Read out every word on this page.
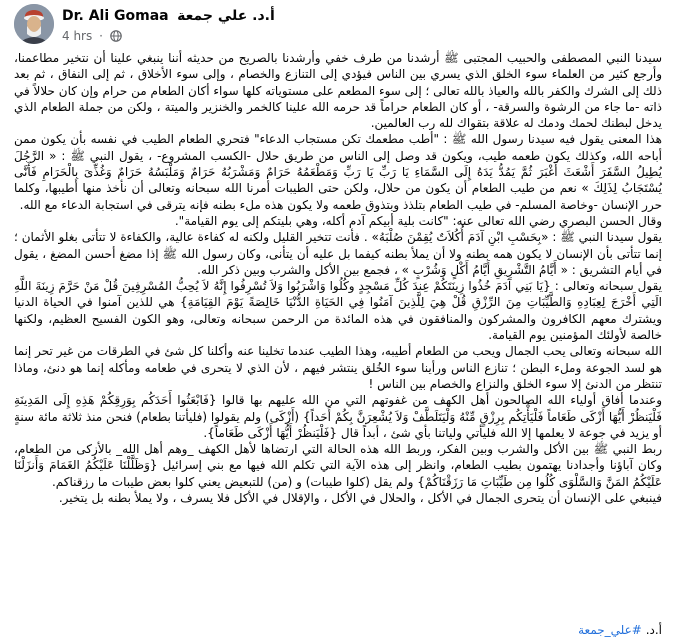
Dr. Ali Gomaa أ.د. علي جمعة
4 hrs ·

سيدنا النبي المصطفى والحبيب المجتبى ﷺ أرشدنا من طرف خفي وأرشدنا بالصريح من حديثه أننا ينبغي علينا أن نتخير مطاعمنا، وأرجع كثير من العلماء سوء الخلق الذي يسري بين الناس فيؤدي إلى التنازع والخصام ، وإلى سوء الأخلاق ، ثم إلى النفاق ، ثم بعد ذلك إلى الشرك والكفر بالله والعياذ بالله تعالى ؛ إلى سوء المطعم على مستوياته كلها سواء أكان الطعام من حرام وإن كان حلالاً في ذاته -ما جاء من الرشوة والسرقة- ، أو كان الطعام حراماً قد حرمه الله علينا كالخمر والخنزير والميتة ، ولكن من جملة الطعام الذي يدخل لبطنك لحمك ودمك له علاقة بتقواك لله رب العالمين.

هذا المعنى يقول فيه سيدنا رسول الله ﷺ : "أطب مطعمك تكن مستجاب الدعاء" فتحري الطعام الطيب في نفسه بأن يكون ممن أباحه الله، وكذلك يكون طعمه طيب، ويكون قد وصل إلى الناس من طريق حلال -الكسب المشروع- ، يقول النبي ﷺ : « الرَّجُلَ يُطِيلُ السَّفَرَ أَشْعَثَ أَغْبَرَ ثُمَّ يَمُدُّ يَدَهُ إِلَى السَّمَاءِ يَا رَبِّ يَا رَبِّ وَمَطْعَمُهُ حَرَامٌ وَمَشْرَبُهُ حَرَامٌ وَمَلْبَسُهُ حَرَامٌ وَغُذِّىَ بِالْحَرَامِ فَأَنَّى يُسْتَجَابُ لِذَلِكَ » نعم من طيب الطعام أن يكون من حلال، ولكن حتى الطيبات أمرنا الله سبحانه وتعالى أن نأخذ منها أطيبها، وكلما حرر الإنسان -وخاصة المسلم- في طيب الطعام بتلذذ وبتذوق طعمه ولا يكون هذه ملء بطنه فإنه يترقى في استجابة الدعاء مع الله.

وقال الحسن البصري رضي الله تعالى عنه: "كانت بلية أبيكم آدم أكله، وهي بليتكم إلى يوم القيامة".

يقول سيدنا النبي ﷺ : «بِحَسْبِ ابْنِ آدَمَ أُكُلاَتٌ يُقِمْنَ صُلْبَهُ» . فأنت تتخير القليل ولكنه له كفاءة عالية، والكفاءة لا تتأتى بغلو الأثمان ؛ إنما تتأتى بأن الإنسان لا يكون همه بطنه ولا أن يملأ بطنه كيفما بل عليه أن يتأنى، وكان رسول الله ﷺ إذا مضغ أحسن المضغ ، يقول في أيام التشريق : « أَيَّامُ التَّشْرِيقِ أَيَّامُ أَكْلٍ وَشُرْبٍ » ، فجمع بين الأكل والشرب وبين ذكر الله.

يقول سبحانه وتعالى : {يَا بَنِي آدَمَ خُذُوا زِينَتَكُمْ عِندَ كُلِّ مَسْجِدٍ وكُلُوا وَاشْرَبُوا وَلاَ تُسْرِفُوا إِنَّهُ لاَ يُحِبُّ المُسْرِفِينَ قُلْ مَنْ حَرَّمَ زِينَةَ اللَّهِ الَتِي أَخْرَجَ لِعِبَادِهِ وَالطَّيِّبَاتِ مِنَ الرِّزْقِ قُلْ هِيَ لِلَّذِينَ آمَنُوا فِي الحَيَاةِ الدُّنْيَا خَالِصَةً يَوْمَ القِيَامَةِ} هي للذين آمنوا في الحياة الدنيا ويشترك معهم الكافرون والمشركون والمنافقون في هذه المائدة من الرحمن سبحانه وتعالى، وهو الكون الفسيح العظيم، ولكنها خالصة لأولئك المؤمنين يوم القيامة.

الله سبحانه وتعالى يحب الجمال ويحب من الطعام أطيبه، وهذا الطيب عندما تخلينا عنه وأكلنا كل شئ في الطرقات من غير تحر إنما هو لسد الجوعة وملء البطن ؛ تنازع الناس ورأينا سوء الخُلق ينتشر فيهم ، لأن الذي لا يتحرى في طعامه ومأكله إنما هو دنئ، وماذا تنتظر من الدنئ إلا سوء الخلق والنزاع والخصام بين الناس !

وعندما أفاق أولياء الله الصالحون أهل الكهف من غفوتهم التي من الله عليهم بها قالوا {فَابْعَثُوا أَحَدَكُم بِوَرِقِكُمْ هَذِهِ إِلَى المَدِينَةِ فَلْيَنظُرْ أَيُّهَا أَزْكَى طَعَاماً فَلْيَأْتِكُم بِرِزْقٍ مِّنْهُ وَلْيَتَلَطَّفْ وَلاَ يُشْعِرَنَّ بِكُمْ أَحَداً} (أَزْكَى) ولم يقولوا (فليأتنا بطعام) فنحن منذ ثلاثة مائة سنةٍ أو يزيد في جوعة لا يعلمها إلا الله فليأتي ولياتنا بأي شئ ، أبداً قال {فَلْيَنظُرْ أَيُّهَا أَزْكَى طَعَاماً}.

ربط النبي ﷺ بين الأكل والشرب وبين الفكر، وربط الله هذه الحالة التي ارتضاها لأهل الكهف _وهم أهل الله_ بالأزكى من الطعام، وكان آباؤنا وأجدادنا يهتمون بطيب الطعام، وانظر إلى هذه الآية التي تكلم الله فيها مع بني إسرائيل {وَظَلَّلْنَا عَلَيْكُمُ الغَمَامَ وَأَنزَلْنَا عَلَيْكُمُ المَنَّ وَالسَّلْوَى كُلُوا مِن طَيِّبَاتِ مَا رَزَقْنَاكُمْ} ولم يقل (كلوا طيبات) و (من) للتبعيض يعني كلوا بعض طيبات ما رزقناكم.

فينبغي على الإنسان أن يتحرى الجمال في الأكل ، والحلال في الأكل ، والإقلال في الأكل فلا يسرف ، ولا يملأ بطنه بل يتخير.

أ.د. #علي_جمعة
